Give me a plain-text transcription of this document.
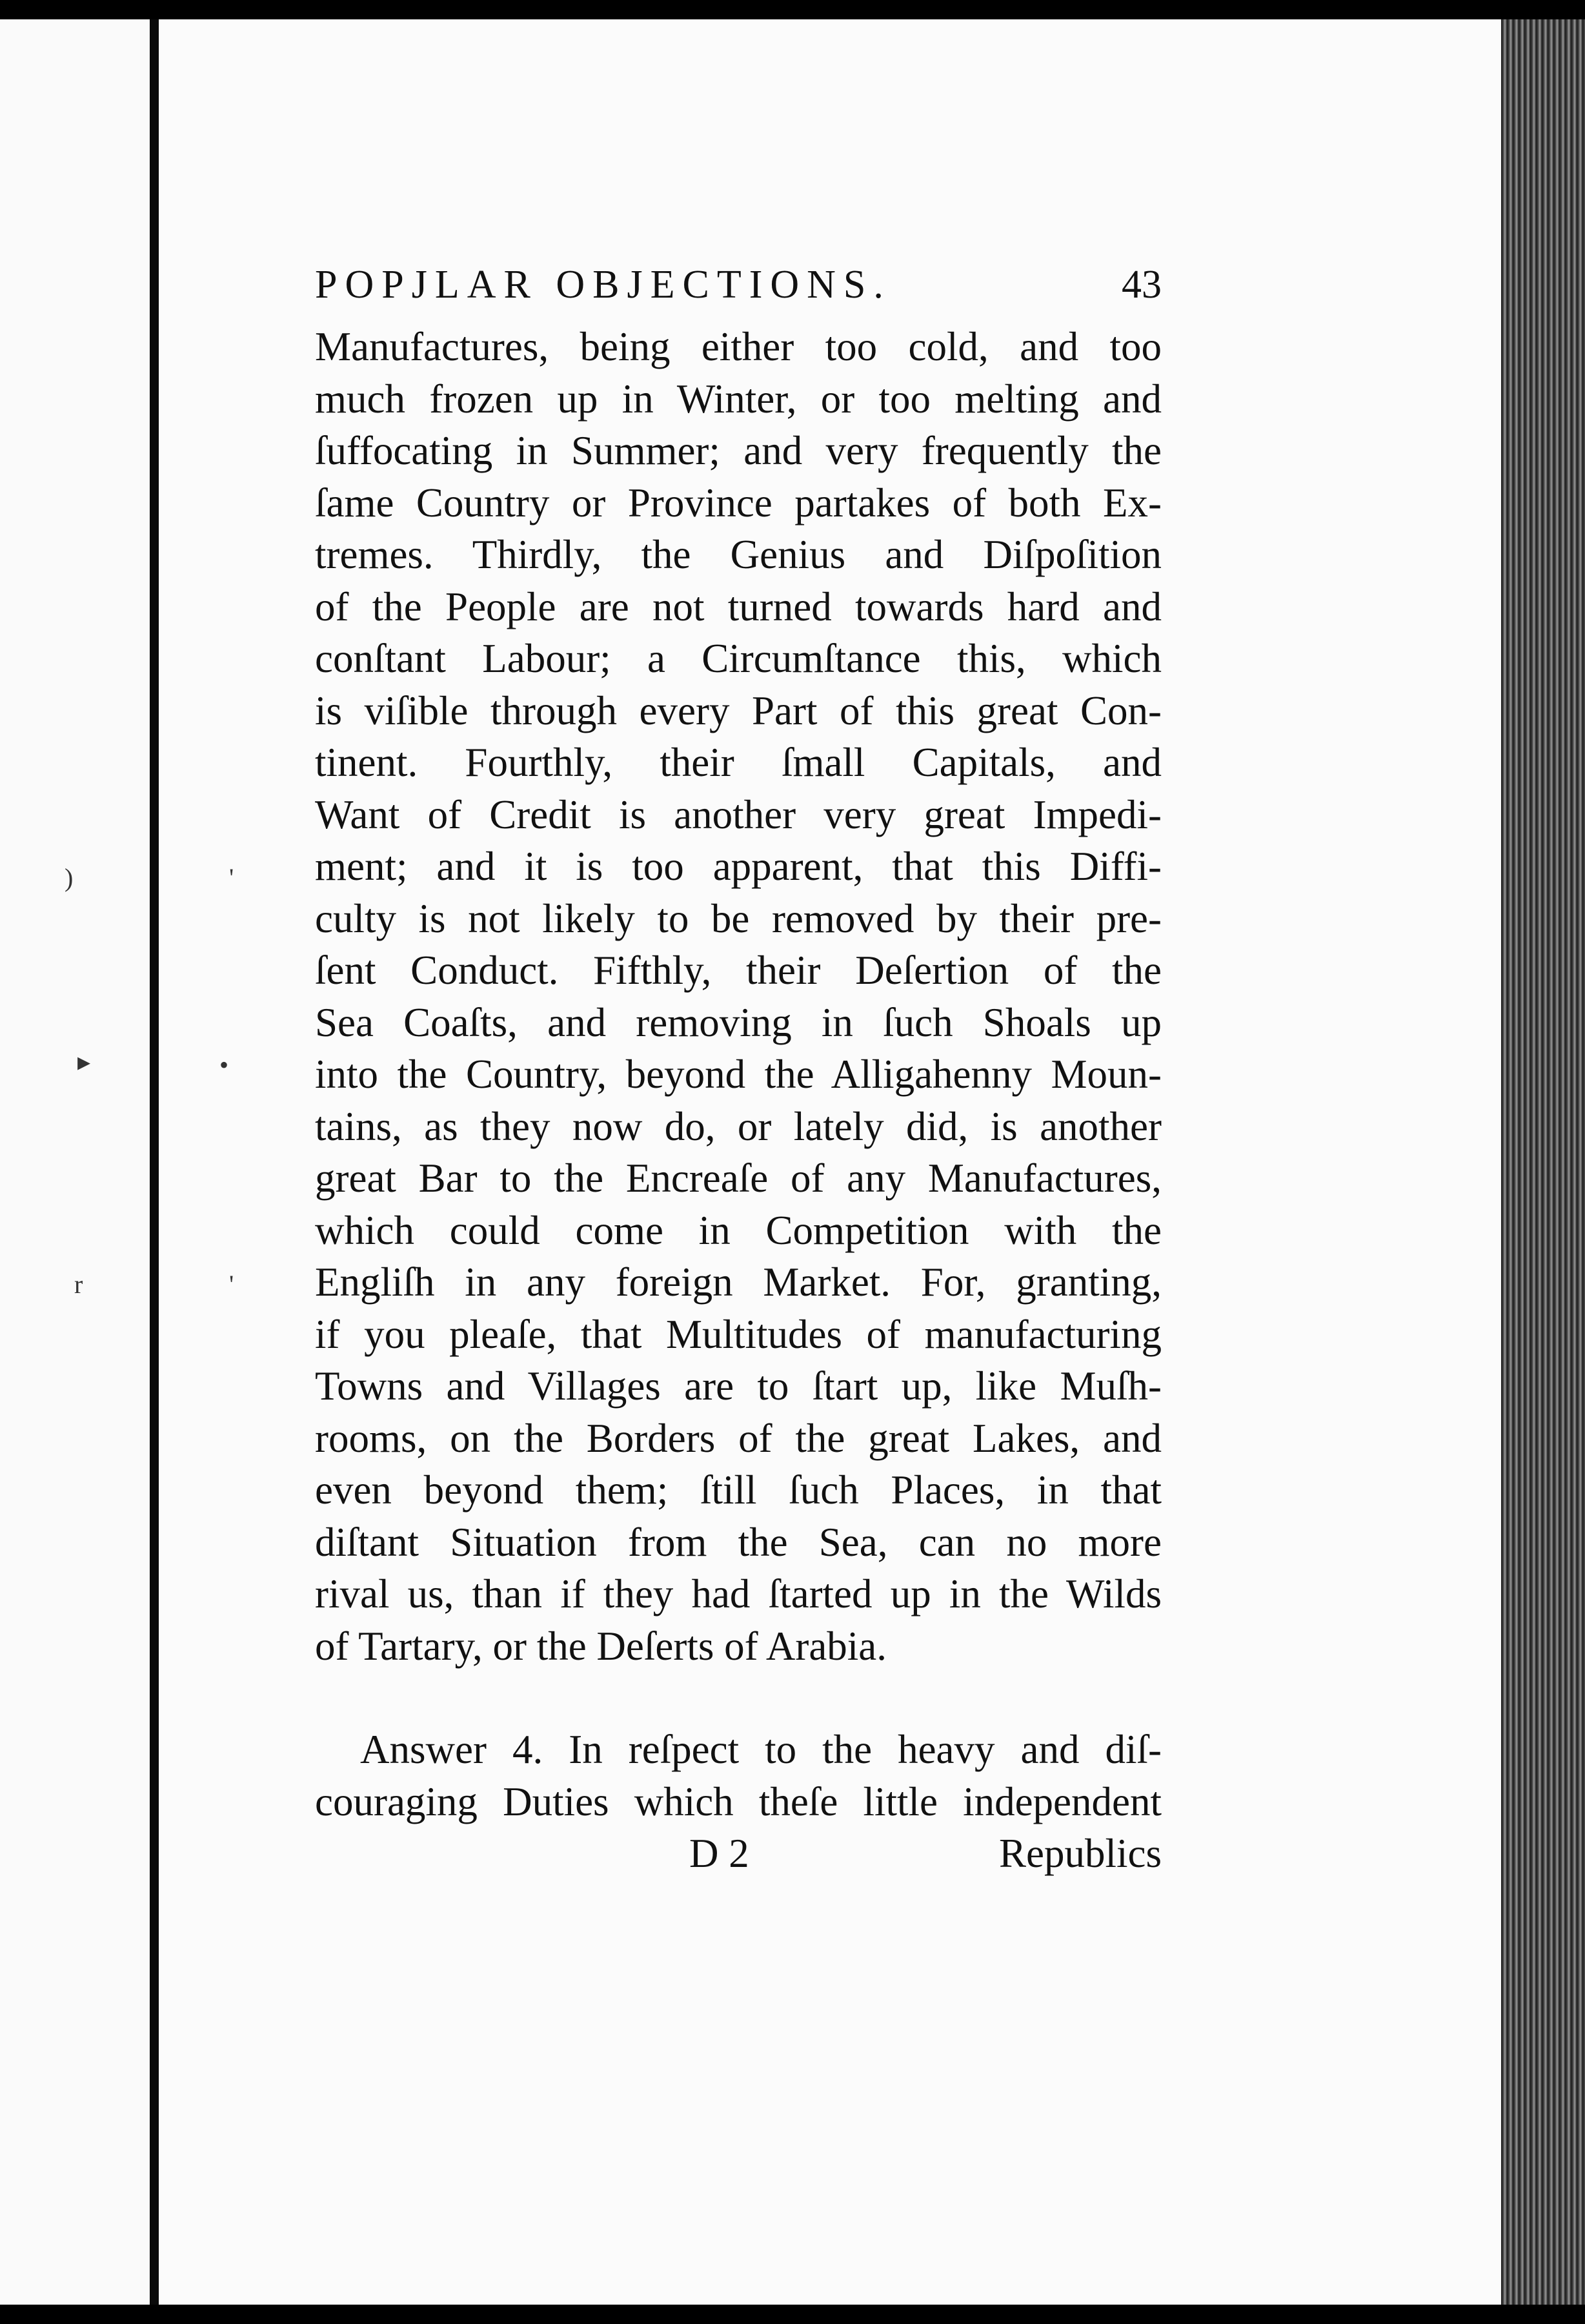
)	'
▸	•
r	'
POPJLAR OBJECTIONS.	43
Manufactures, being either too cold, and too
much frozen up in Winter, or too melting and
ſuffocating in Summer; and very frequently the
ſame Country or Province partakes of both Ex-
tremes. Thirdly, the Genius and Diſpoſition
of the People are not turned towards hard and
conſtant Labour; a Circumſtance this, which
is viſible through every Part of this great Con-
tinent. Fourthly, their ſmall Capitals, and
Want of Credit is another very great Impedi-
ment; and it is too apparent, that this Diffi-
culty is not likely to be removed by their pre-
ſent Conduct. Fifthly, their Deſertion of the
Sea Coaſts, and removing in ſuch Shoals up
into the Country, beyond the Alligahenny Moun-
tains, as they now do, or lately did, is another
great Bar to the Encreaſe of any Manufactures,
which could come in Competition with the
Engliſh in any foreign Market. For, granting,
if you pleaſe, that Multitudes of manufacturing
Towns and Villages are to ſtart up, like Muſh-
rooms, on the Borders of the great Lakes, and
even beyond them; ſtill ſuch Places, in that
diſtant Situation from the Sea, can no more
rival us, than if they had ſtarted up in the Wilds
of Tartary, or the Deſerts of Arabia.
Answer 4. In reſpect to the heavy and diſ-
couraging Duties which theſe little independent
D 2	Republics
